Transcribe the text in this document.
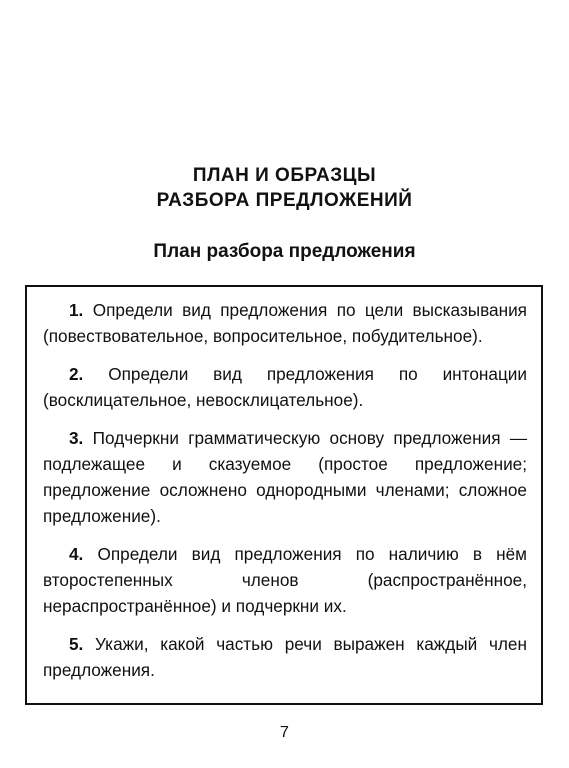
ПЛАН И ОБРАЗЦЫ
РАЗБОРА ПРЕДЛОЖЕНИЙ
План разбора предложения
1. Определи вид предложения по цели высказывания (повествовательное, вопросительное, побудительное).
2. Определи вид предложения по интонации (восклицательное, невосклицательное).
3. Подчеркни грамматическую основу предложения — подлежащее и сказуемое (простое предложение; предложение осложнено однородными членами; сложное предложение).
4. Определи вид предложения по наличию в нём второстепенных членов (распространённое, нераспространённое) и подчеркни их.
5. Укажи, какой частью речи выражен каждый член предложения.
7
